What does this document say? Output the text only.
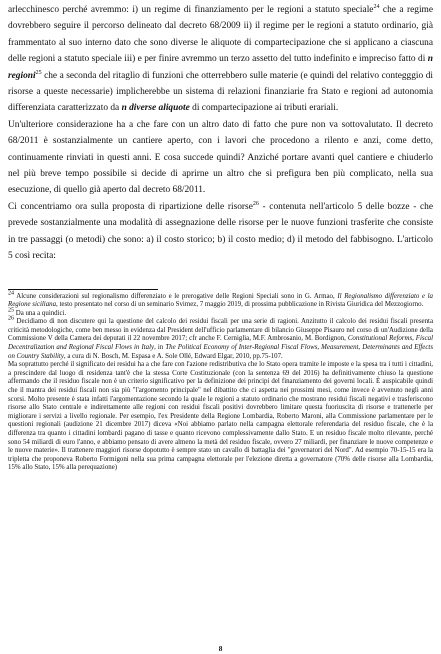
arlecchinesco perché avremmo: i) un regime di finanziamento per le regioni a statuto speciale$^{24}$ che a regime dovrebbero seguire il percorso delineato dal decreto 68/2009 ii) il regime per le regioni a statuto ordinario, già frammentato al suo interno dato che sono diverse le aliquote di compartecipazione che si applicano a ciascuna delle regioni a statuto speciale iii) e per finire avremmo un terzo assetto del tutto indefinito e impreciso fatto di n regioni$^{25}$ che a seconda del ritaglio di funzioni che otterrebbero sulle materie (e quindi del relativo contegggio di risorse a queste necessarie) implicherebbe un sistema di relazioni finanziarie fra Stato e regioni ad autonomia differenziata caratterizzato da n diverse aliquote di compartecipazione ai tributi erariali.

Un'ulteriore considerazione ha a che fare con un altro dato di fatto che pure non va sottovalutato. Il decreto 68/2011 è sostanzialmente un cantiere aperto, con i lavori che procedono a rilento e anzi, come detto, continuamente rinviati in questi anni. E cosa succede quindi? Anziché portare avanti quel cantiere e chiuderlo nel più breve tempo possibile si decide di aprirne un altro che si prefigura ben più complicato, nella sua esecuzione, di quello già aperto dal decreto 68/2011.

Ci concentriamo ora sulla proposta di ripartizione delle risorse$^{26}$ - contenuta nell'articolo 5 delle bozze - che prevede sostanzialmente una modalità di assegnazione delle risorse per le nuove funzioni trasferite che consiste in tre passaggi (o metodi) che sono: a) il costo storico; b) il costo medio; d) il metodo del fabbisogno. L'articolo 5 così recita:

$^{24}$ Alcune considerazioni sul regionalismo differenziato e le prerogative delle Regioni Speciali sono in G. Armao, Il Regionalismo differenziato e la Regione siciliana, testo presentato nel corso di un seminario Svimez, 7 maggio 2019, di prossima pubblicazione in Rivista Giuridica del Mezzogiorno.

$^{25}$ Da una a quindici.

$^{26}$ Decidiamo di non discutere qui la questione del calcolo dei residui fiscali per una serie di ragioni. Anzitutto il calcolo dei residui fiscali presenta criticità metodologiche, come ben messo in evidenza dal President dell'ufficio parlamentare di bilancio Giuseppe Pisauro nel corso di un'Audizione della Commissione V della Camera dei deputati il 22 novembre 2017; cfr anche F. Cerniglia, M.F. Ambrosanio, M. Bordignon, Constitutional Reforms, Fiscal Decentralization and Regional Fiscal Flows in Italy, in The Political Economy of Inter-Regional Fiscal Flows, Measurement, Determinants and Effects on Country Stability, a cura di N. Bosch, M. Espasa e A. Sole Ollé, Edward Elgar, 2010, pp.75-107.

Ma soprattutto perché il significato dei residui ha a che fare con l'azione redistributiva che lo Stato opera tramite le imposte e la spesa tra i tutti i cittadini, a prescindere dal luogo di residenza tant'è che la stessa Corte Costituzionale (con la sentenza 69 del 2016) ha definitivamente chiuso la questione affermando che il residuo fiscale non è un criterio significativo per la definizione dei principi del finanziamento dei governi locali. È auspicabile quindi che il mantra dei residui fiscali non sia più "l'argomento principale" nel dibattito che ci aspetta nei prossimi mesi, come invece è avvenuto negli anni scorsi. Molto presente è stata infatti l'argomentazione secondo la quale le regioni a statuto ordinario che mostrano residui fiscali negativi e trasferiscono risorse allo Stato centrale e indirettamente alle regioni con residui fiscali positivi dovrebbero limitare questa fuoriuscita di risorse e trattenerle per migliorare i servizi a livello regionale. Per esempio, l'ex Presidente della Regione Lombardia, Roberto Maroni, alla Commissione parlamentare per le questioni regionali (audizione 21 dicembre 2017) diceva «Noi abbiamo parlato nella campagna elettorale referendaria del residuo fiscale, che è la differenza tra quanto i cittadini lombardi pagano di tasse e quanto ricevono complessivamente dallo Stato. E un residuo fiscale molto rilevante, perché sono 54 miliardi di euro l'anno, e abbiamo pensato di avere almeno la metà del residuo fiscale, ovvero 27 miliardi, per finanziare le nuove competenze e le nuove materie». Il trattenere maggiori risorse dopotutto è sempre stato un cavallo di battaglia dei "governatori del Nord". Ad esempio 70-15-15 era la tripletta che proponeva Roberto Formigoni nella sua prima campagna elettorale per l'elezione diretta a governatore (70% delle risorse alla Lombardia, 15% allo Stato, 15% alla perequazione)

8
